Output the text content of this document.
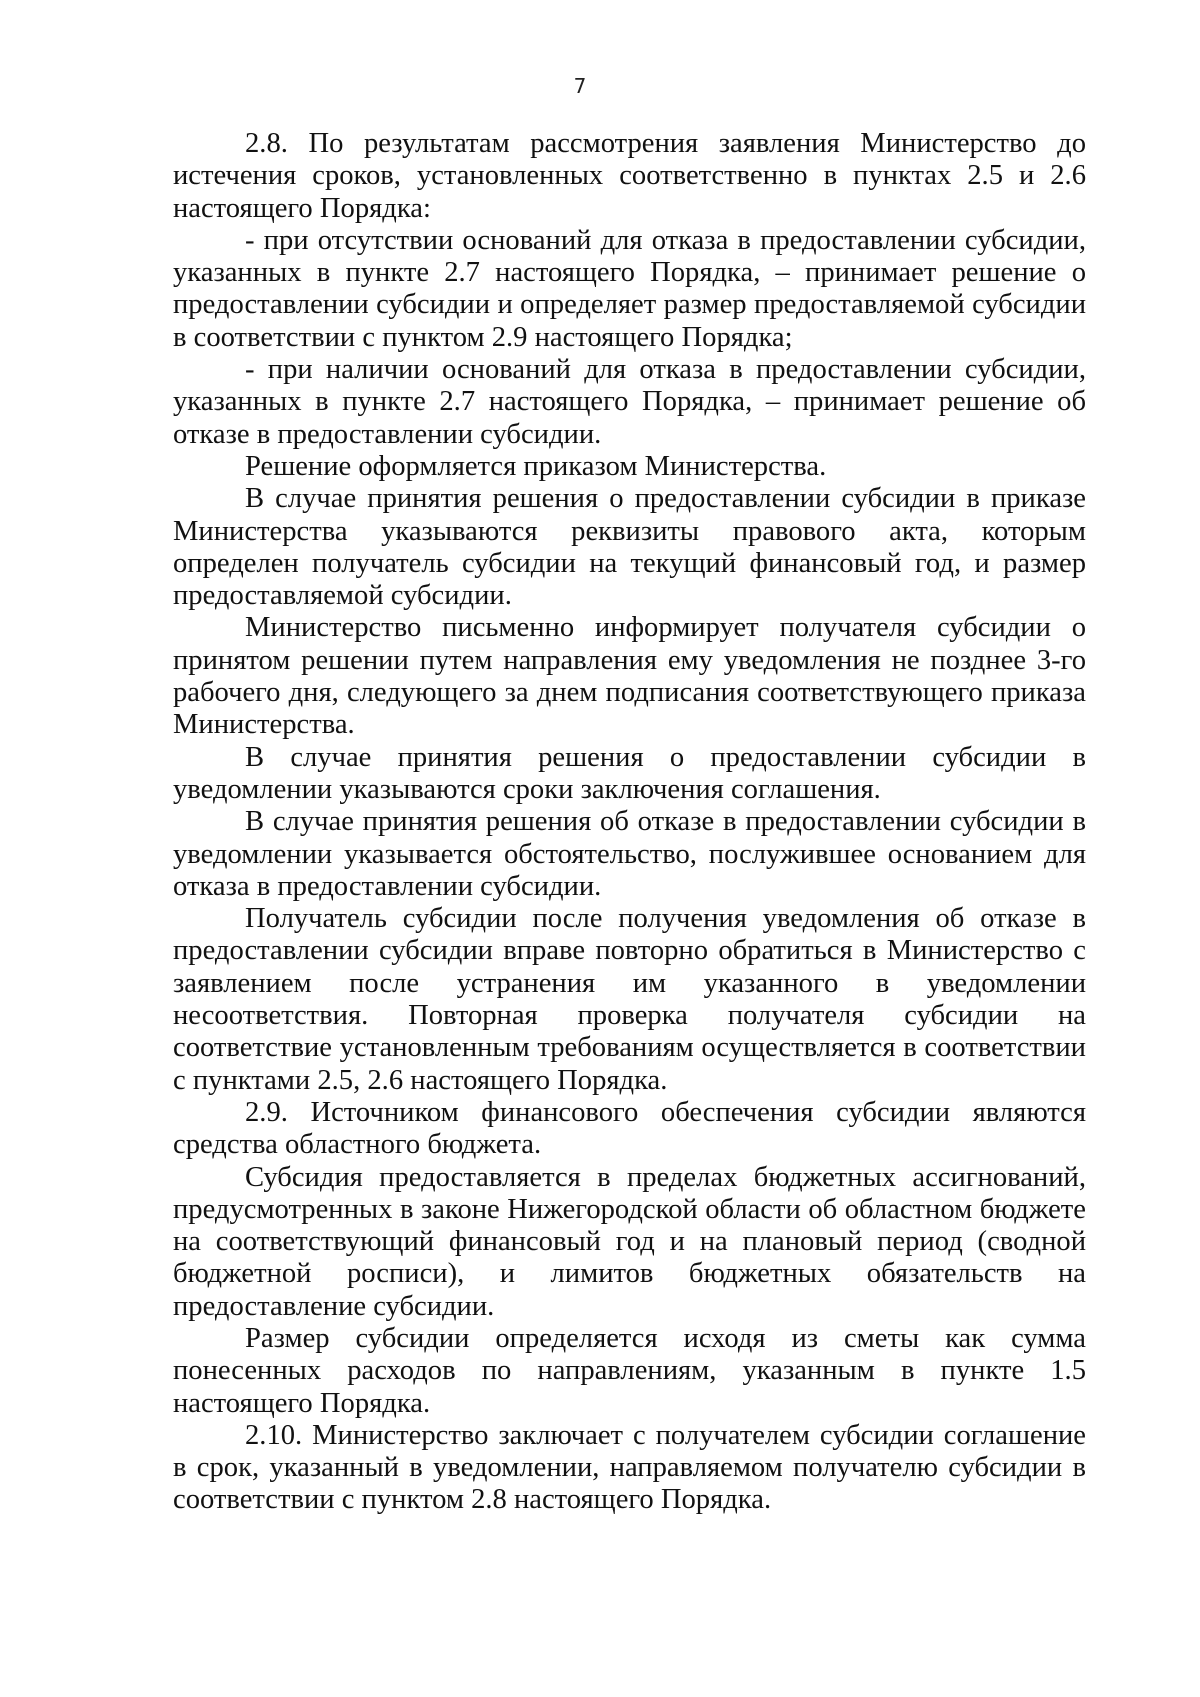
7

2.8. По результатам рассмотрения заявления Министерство до истечения сроков, установленных соответственно в пунктах 2.5 и 2.6 настоящего Порядка:

- при отсутствии оснований для отказа в предоставлении субсидии, указанных в пункте 2.7 настоящего Порядка, – принимает решение о предоставлении субсидии и определяет размер предоставляемой субсидии в соответствии с пунктом 2.9 настоящего Порядка;

- при наличии оснований для отказа в предоставлении субсидии, указанных в пункте 2.7 настоящего Порядка, – принимает решение об отказе в предоставлении субсидии.

Решение оформляется приказом Министерства.

В случае принятия решения о предоставлении субсидии в приказе Министерства указываются реквизиты правового акта, которым определен получатель субсидии на текущий финансовый год, и размер предоставляемой субсидии.

Министерство письменно информирует получателя субсидии о принятом решении путем направления ему уведомления не позднее 3-го рабочего дня, следующего за днем подписания соответствующего приказа Министерства.

В случае принятия решения о предоставлении субсидии в уведомлении указываются сроки заключения соглашения.

В случае принятия решения об отказе в предоставлении субсидии в уведомлении указывается обстоятельство, послужившее основанием для отказа в предоставлении субсидии.

Получатель субсидии после получения уведомления об отказе в предоставлении субсидии вправе повторно обратиться в Министерство с заявлением после устранения им указанного в уведомлении несоответствия. Повторная проверка получателя субсидии на соответствие установленным требованиям осуществляется в соответствии с пунктами 2.5, 2.6 настоящего Порядка.

2.9. Источником финансового обеспечения субсидии являются средства областного бюджета.

Субсидия предоставляется в пределах бюджетных ассигнований, предусмотренных в законе Нижегородской области об областном бюджете на соответствующий финансовый год и на плановый период (сводной бюджетной росписи), и лимитов бюджетных обязательств на предоставление субсидии.

Размер субсидии определяется исходя из сметы как сумма понесенных расходов по направлениям, указанным в пункте 1.5 настоящего Порядка.

2.10. Министерство заключает с получателем субсидии соглашение в срок, указанный в уведомлении, направляемом получателю субсидии в соответствии с пунктом 2.8 настоящего Порядка.
